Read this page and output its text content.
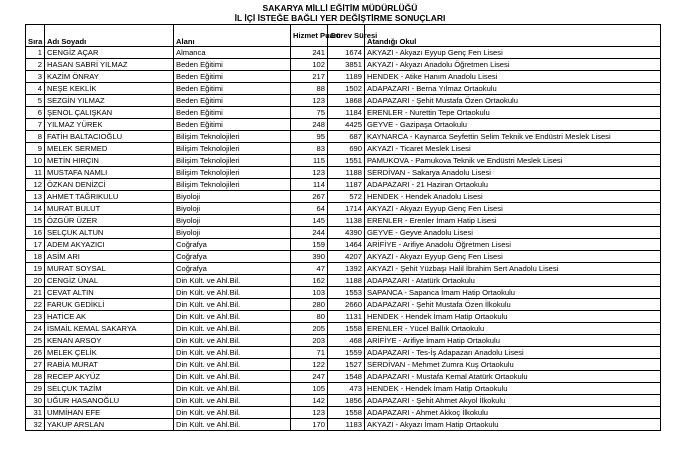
SAKARYA MİLLİ EĞİTİM MÜDÜRLÜĞÜ
İL İÇİ İSTEĞE BAĞLI YER DEĞİŞTİRME SONUÇLARI
Sıra	Adı Soyadı	Alanı	Hizmet Puanı	Görev Süresi	Atandığı Okul
1	CENGİZ AÇAR	Almanca	241	1674	AKYAZI - Akyazı Eyyup Genç Fen Lisesi
2	HASAN SABRİ YILMAZ	Beden Eğitimi	102	3851	AKYAZI - Akyazı Anadolu Öğretmen Lisesi
3	KAZİM ÖNRAY	Beden Eğitimi	217	1189	HENDEK - Atike Hanım Anadolu Lisesi
4	NEŞE KEKLİK	Beden Eğitimi	88	1502	ADAPAZARI - Berna Yılmaz Ortaokulu
5	SEZGİN YILMAZ	Beden Eğitimi	123	1868	ADAPAZARI - Şehit Mustafa Özen Ortaokulu
6	ŞENOL ÇALIŞKAN	Beden Eğitimi	75	1184	ERENLER - Nurettin Tepe Ortaokulu
7	YILMAZ YÜREK	Beden Eğitimi	248	4425	GEYVE - Gazipaşa Ortaokulu
8	FATİH BALTACIOĞLU	Bilişim Teknolojileri	95	687	KAYNARCA - Kaynarca Seyfettin Selim Teknik ve Endüstri Meslek Lisesi
9	MELEK SERMED	Bilişim Teknolojileri	83	690	AKYAZI - Ticaret Meslek Lisesi
10	METİN HIRÇIN	Bilişim Teknolojileri	115	1551	PAMUKOVA - Pamukova Teknik ve Endüstri Meslek Lisesi
11	MUSTAFA NAMLI	Bilişim Teknolojileri	123	1188	SERDİVAN - Sakarya Anadolu Lisesi
12	ÖZKAN DENİZCİ	Bilişim Teknolojileri	114	1187	ADAPAZARI - 21 Haziran Ortaokulu
13	AHMET TAĞRIKULU	Biyoloji	267	572	HENDEK - Hendek Anadolu Lisesi
14	MURAT BULUT	Biyoloji	64	1714	AKYAZI - Akyazı Eyyup Genç Fen Lisesi
15	ÖZGÜR ÜZER	Biyoloji	145	1138	ERENLER - Erenler İmam Hatip Lisesi
16	SELÇUK ALTUN	Biyoloji	244	4390	GEYVE - Geyve Anadolu Lisesi
17	ADEM AKYAZICI	Coğrafya	159	1464	ARİFİYE - Arifiye Anadolu Öğretmen Lisesi
18	ASİM ARI	Coğrafya	390	4207	AKYAZI - Akyazı Eyyup Genç Fen Lisesi
19	MURAT SOYSAL	Coğrafya	47	1392	AKYAZI - Şehit Yüzbaşı Halil İbrahim Sert Anadolu Lisesi
20	CENGİZ ÜNAL	Din Kült. ve Ahl.Bil.	162	1188	ADAPAZARI - Atatürk Ortaokulu
21	CEVAT ALTIN	Din Kült. ve Ahl.Bil.	103	1553	SAPANCA - Sapanca İmam Hatip Ortaokulu
22	FARUK GEDİKLİ	Din Kült. ve Ahl.Bil.	280	2660	ADAPAZARI - Şehit Mustafa Özen İlkokulu
23	HATİCE AK	Din Kült. ve Ahl.Bil.	80	1131	HENDEK - Hendek İmam Hatip Ortaokulu
24	İSMAİL KEMAL SAKARYA	Din Kült. ve Ahl.Bil.	205	1558	ERENLER - Yücel Ballık Ortaokulu
25	KENAN ARSOY	Din Kült. ve Ahl.Bil.	203	468	ARİFİYE - Arifiye İmam Hatip Ortaokulu
26	MELEK ÇELİK	Din Kült. ve Ahl.Bil.	71	1559	ADAPAZARI - Tes-İş Adapazarı Anadolu Lisesi
27	RABİA MURAT	Din Kült. ve Ahl.Bil.	122	1527	SERDİVAN - Mehmet Zumra Kuş Ortaokulu
28	RECEP AKYÜZ	Din Kült. ve Ahl.Bil.	247	1548	ADAPAZARI - Mustafa Kemal Atatürk Ortaokulu
29	SELÇUK TAZİM	Din Kült. ve Ahl.Bil.	105	473	HENDEK - Hendek İmam Hatip Ortaokulu
30	UĞUR HASANOĞLU	Din Kült. ve Ahl.Bil.	142	1856	ADAPAZARI - Şehit Ahmet Akyol İlkokulu
31	UMMİHAN EFE	Din Kült. ve Ahl.Bil.	123	1558	ADAPAZARI - Ahmet Akkoç İlkokulu
32	YAKUP ARSLAN	Din Kült. ve Ahl.Bil.	170	1183	AKYAZI - Akyazı İmam Hatip Ortaokulu
